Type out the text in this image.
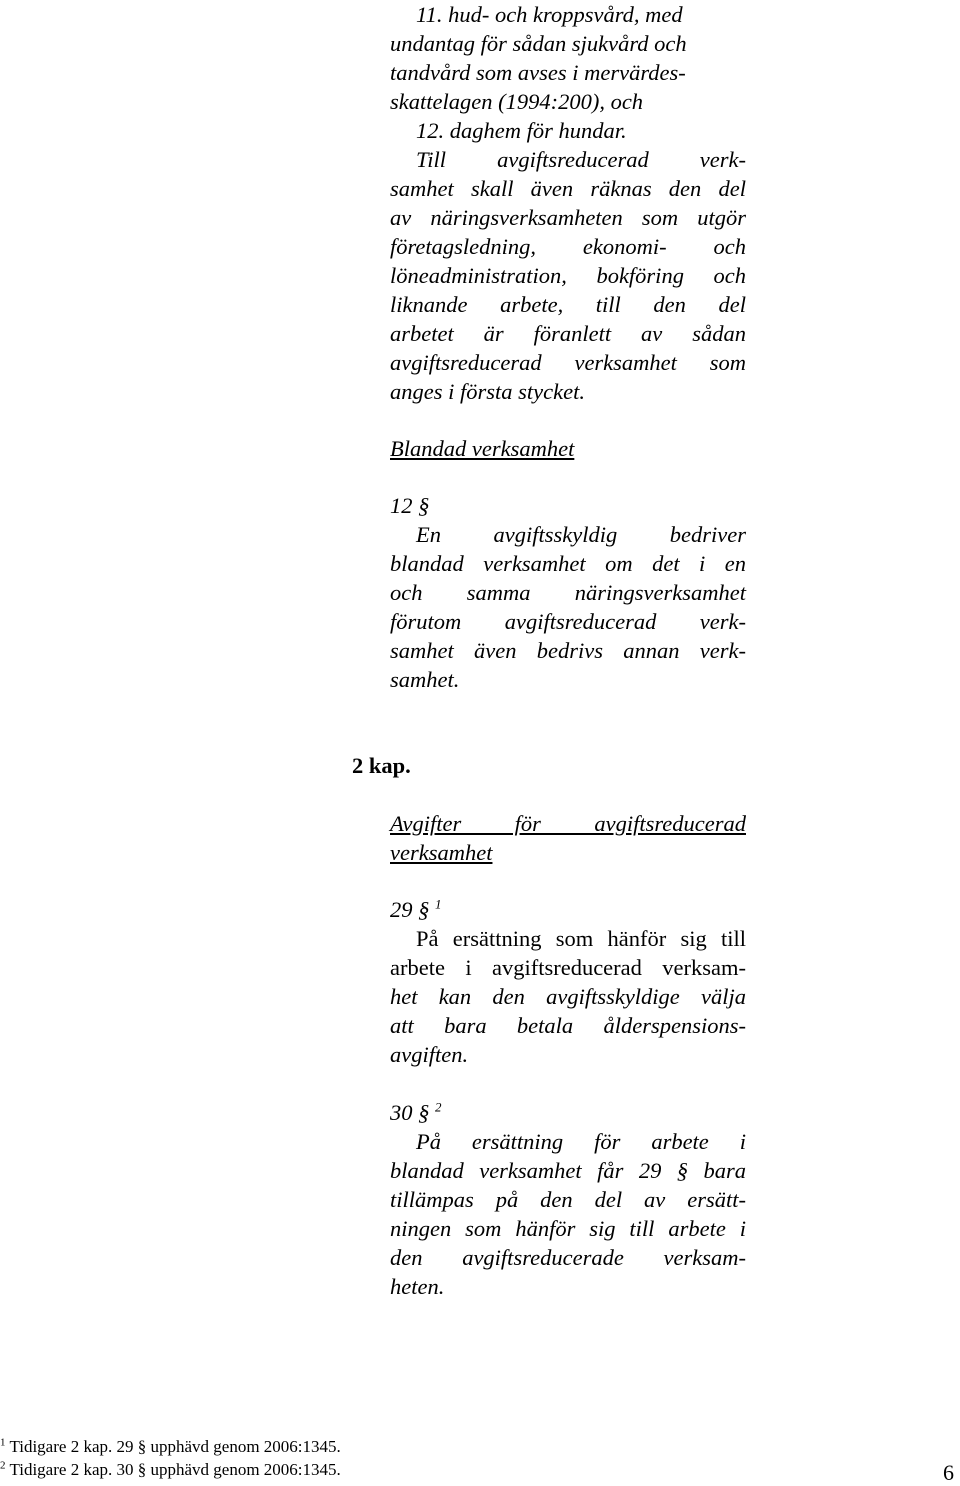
11. hud- och kroppsvård, med
undantag för sådan sjukvård och
tandvård som avses i mervärdes-
skattelagen (1994:200), och

12. daghem för hundar.

Till avgiftsreducerad verk-
samhet skall även räknas den del
av näringsverksamheten som utgör
företagsledning, ekonomi- och
löneadministration, bokföring och
liknande arbete, till den del
arbetet är föranlett av sådan
avgiftsreducerad verksamhet som
anges i första stycket.

Blandad verksamhet

12 §

En avgiftsskyldig bedriver
blandad verksamhet om det i en
och samma näringsverksamhet
förutom avgiftsreducerad verk-
samhet även bedrivs annan verk-
samhet.

2 kap.

Avgifter för avgiftsreducerad
verksamhet

29 § $^1$

På ersättning som hänför sig till
arbete i avgiftsreducerad verksam-
het kan den avgiftsskyldige välja
att bara betala ålderspensions-
avgiften.

30 § $^2$

På ersättning för arbete i
blandad verksamhet får 29 § bara
tillämpas på den del av ersätt-
ningen som hänför sig till arbete i
den avgiftsreducerade verksam-
heten.

$^1$ Tidigare 2 kap. 29 § upphävd genom 2006:1345.
$^2$ Tidigare 2 kap. 30 § upphävd genom 2006:1345.	6
